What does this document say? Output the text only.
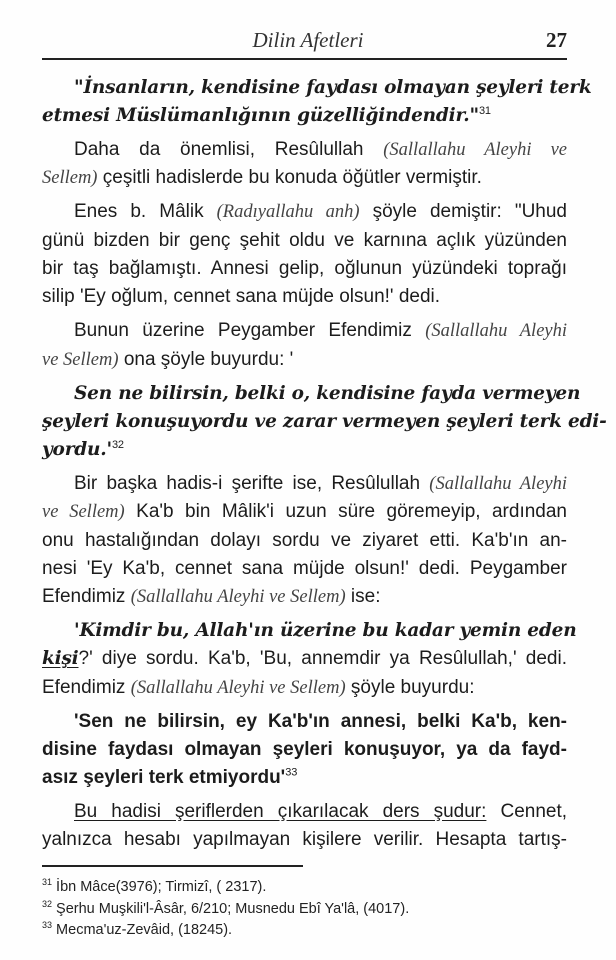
Dilin Afetleri	27
"İnsanların, kendisine faydası olmayan şeyleri terk
etmesi Müslümanlığının güzelliğindendir."$^{31}$
Daha da önemlisi, Resûlullah (Sallallahu Aleyhi ve
Sellem) çeşitli hadislerde bu konuda öğütler vermiştir.
Enes b. Mâlik (Radıyallahu anh) şöyle demiştir: "Uhud
günü bizden bir genç şehit oldu ve karnına açlık yüzünden
bir taş bağlamıştı. Annesi gelip, oğlunun yüzündeki toprağı
silip 'Ey oğlum, cennet sana müjde olsun!' dedi.
Bunun üzerine Peygamber Efendimiz (Sallallahu Aleyhi
ve Sellem) ona şöyle buyurdu: '
Sen ne bilirsin, belki o, kendisine fayda vermeyen
şeyleri konuşuyordu ve zarar vermeyen şeyleri terk edi-
$yordu.'^{32}$
Bir başka hadis-i şerifte ise, Resûlullah (Sallallahu Aleyhi
ve Sellem) Ka'b bin Mâlik'i uzun süre göremeyip, ardından
onu hastalığından dolayı sordu ve ziyaret etti. Ka'b'ın an-
nesi 'Ey Ka'b, cennet sana müjde olsun!' dedi. Peygamber
Efendimiz (Sallallahu Aleyhi ve Sellem) ise:
'Kimdir bu, Allah'ın üzerine bu kadar yemin eden
kişi?' diye sordu. Ka'b, 'Bu, annemdir ya Resûlullah,' dedi.
Efendimiz (Sallallahu Aleyhi ve Sellem) şöyle buyurdu:
'Sen ne bilirsin, ey Ka'b'ın annesi, belki Ka'b, ken-
disine faydası olmayan şeyleri konuşuyor, ya da fayd-
asız şeyleri terk $etmiyordu'^{33}$
Bu hadisi şeriflerden çıkarılacak ders şudur: Cennet,
yalnızca hesabı yapılmayan kişilere verilir. Hesapta tartış-
$^{31}$ İbn Mâce(3976); Tirmizî, ( 2317).
$^{32}$ Şerhu Muşkili'l-Âsâr, 6/210; Musnedu Ebî Ya'lâ, (4017).
$^{33}$ Mecma'uz-Zevâid, (18245).
